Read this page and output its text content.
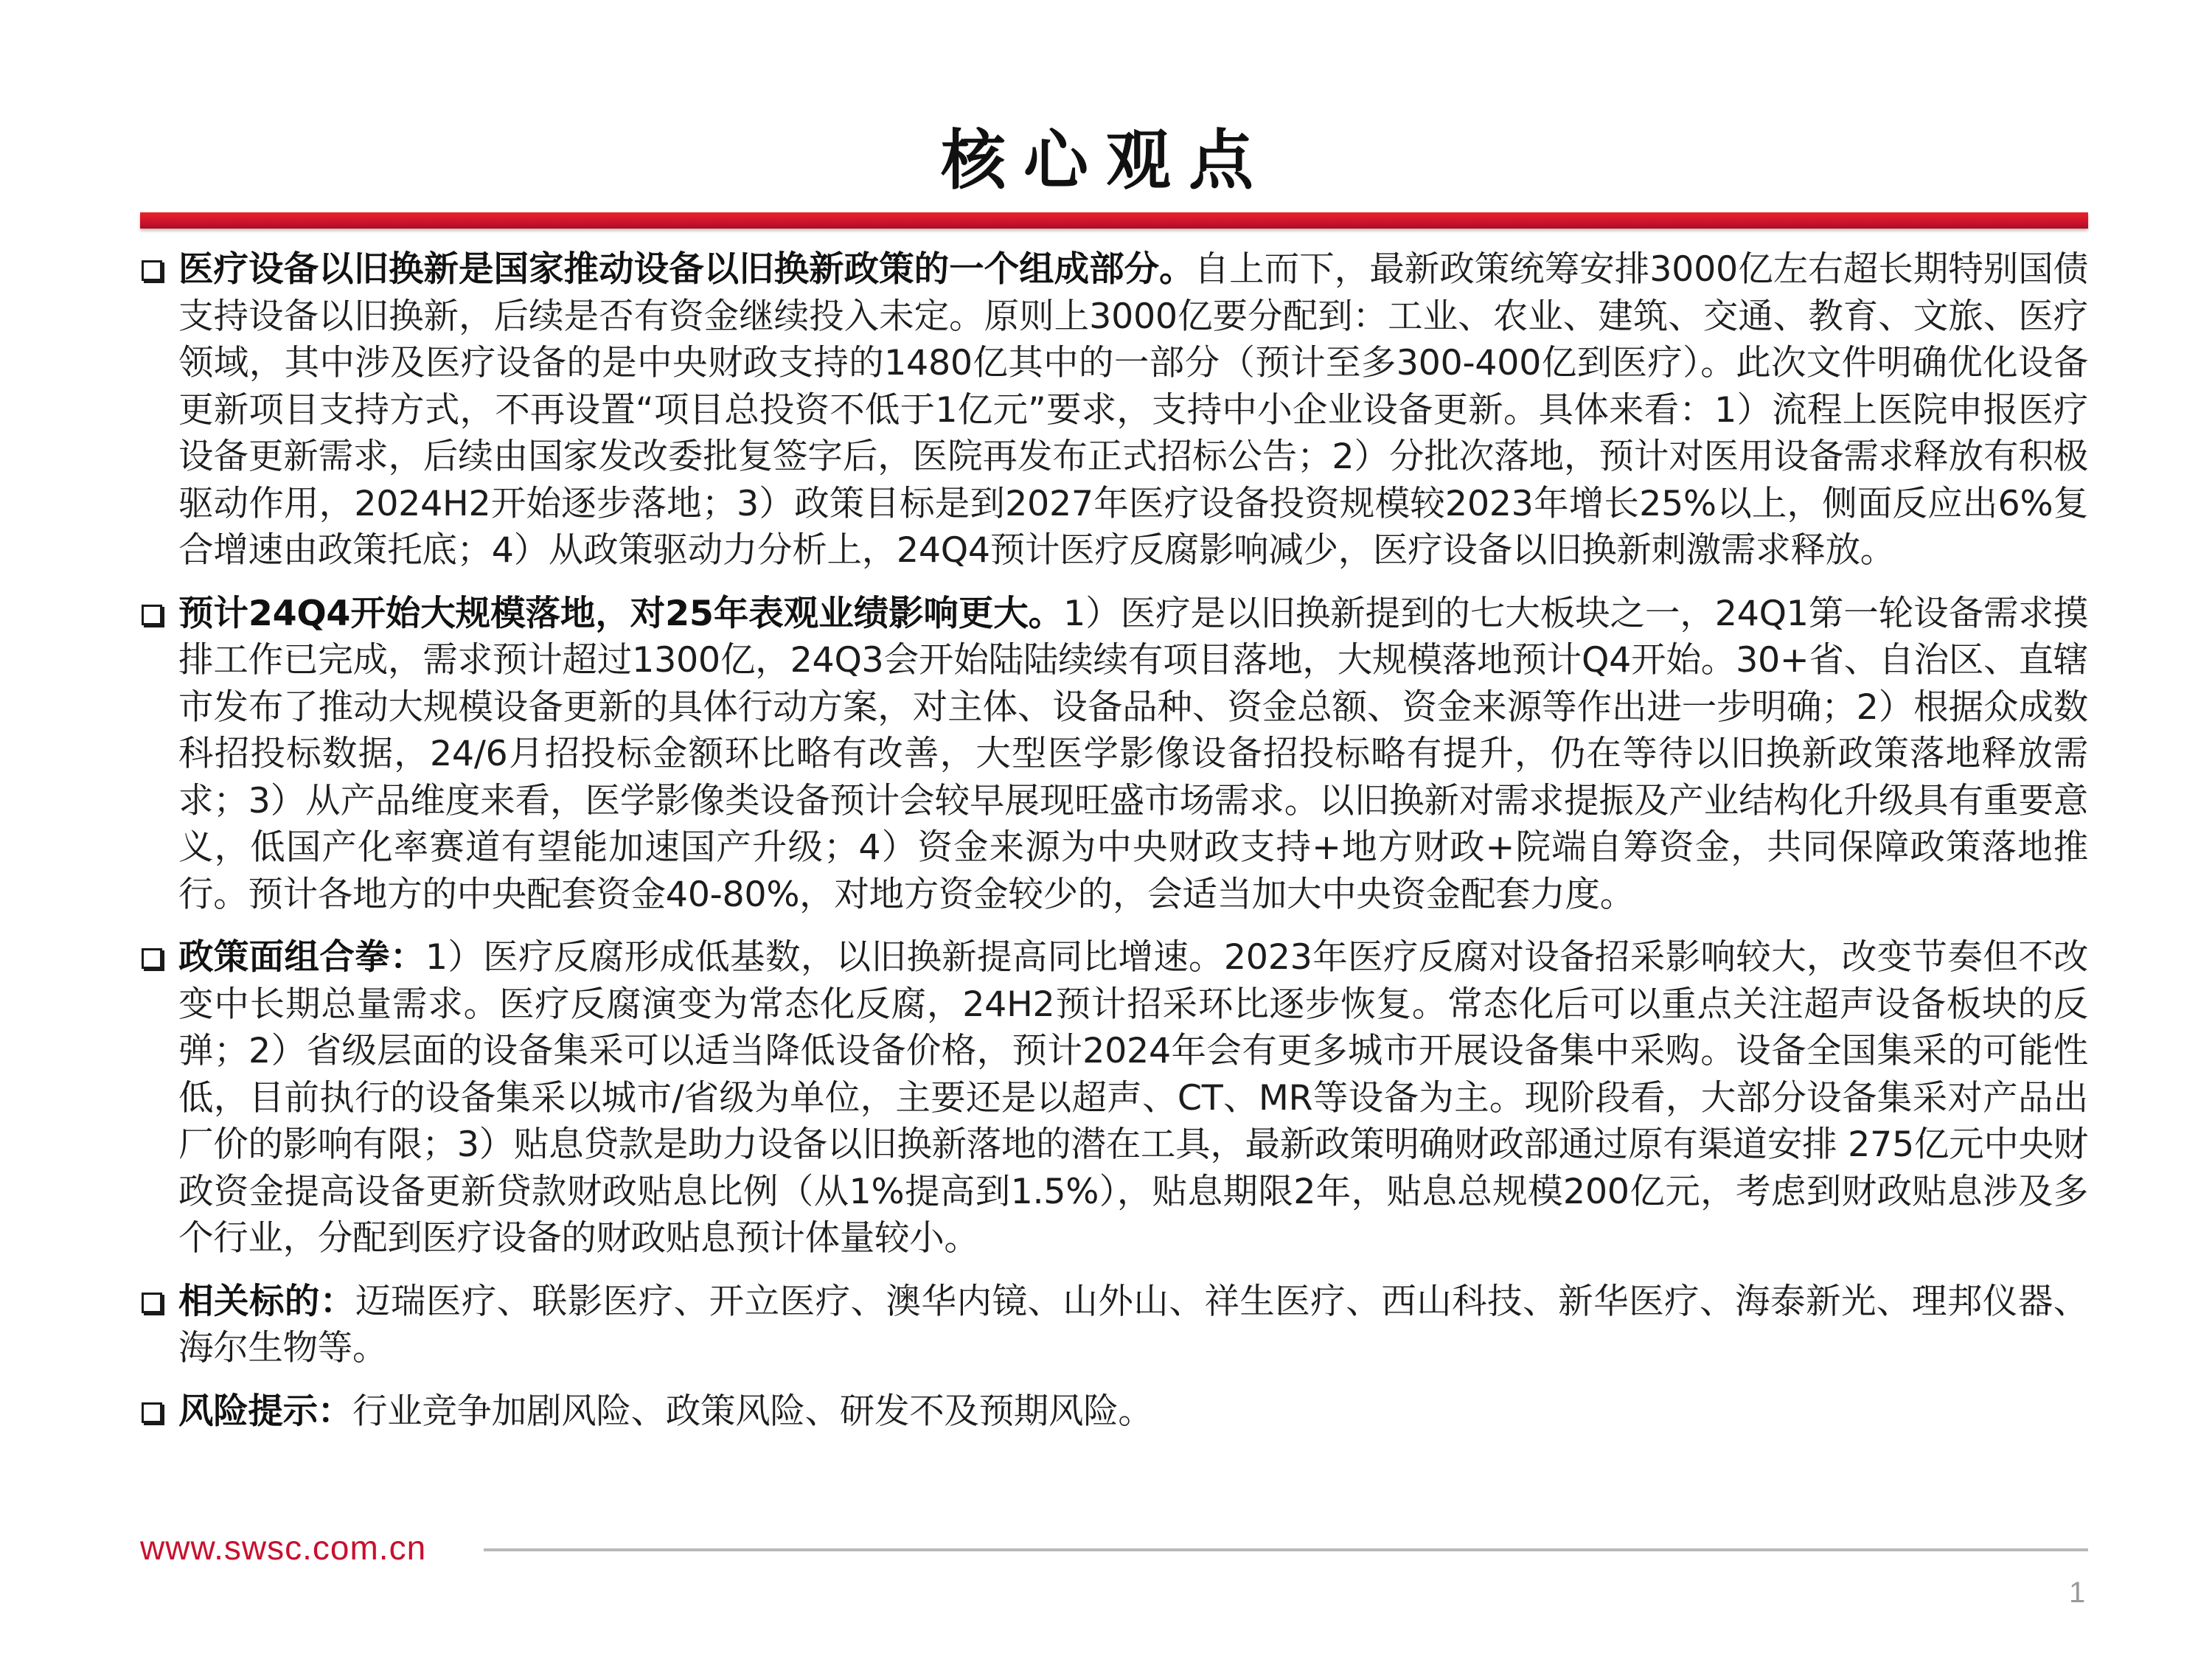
核心观点
医疗设备以旧换新是国家推动设备以旧换新政策的一个组成部分。自上而下，最新政策统筹安排3000亿左右超长期特别国债支持设备以旧换新，后续是否有资金继续投入未定。原则上3000亿要分配到：工业、农业、建筑、交通、教育、文旅、医疗领域，其中涉及医疗设备的是中央财政支持的1480亿其中的一部分（预计至多300-400亿到医疗）。此次文件明确优化设备更新项目支持方式，不再设置“项目总投资不低于1亿元”要求，支持中小企业设备更新。具体来看：1）流程上医院申报医疗设备更新需求，后续由国家发改委批复签字后，医院再发布正式招标公告；2）分批次落地，预计对医用设备需求释放有积极驱动作用，2024H2开始逐步落地；3）政策目标是到2027年医疗设备投资规模较2023年增长25%以上，侧面反应出6%复合增速由政策托底；4）从政策驱动力分析上，24Q4预计医疗反腐影响减少，医疗设备以旧换新刺激需求释放。
预计24Q4开始大规模落地，对25年表观业绩影响更大。1）医疗是以旧换新提到的七大板块之一，24Q1第一轮设备需求摸排工作已完成，需求预计超过1300亿，24Q3会开始陆陆续续有项目落地，大规模落地预计Q4开始。30+省、自治区、直辖市发布了推动大规模设备更新的具体行动方案，对主体、设备品种、资金总额、资金来源等作出进一步明确；2）根据众成数科招投标数据，24/6月招投标金额环比略有改善，大型医学影像设备招投标略有提升，仍在等待以旧换新政策落地释放需求；3）从产品维度来看，医学影像类设备预计会较早展现旺盛市场需求。以旧换新对需求提振及产业结构化升级具有重要意义，低国产化率赛道有望能加速国产升级；4）资金来源为中央财政支持+地方财政+院端自筹资金，共同保障政策落地推行。预计各地方的中央配套资金40-80%，对地方资金较少的，会适当加大中央资金配套力度。
政策面组合拳：1）医疗反腐形成低基数，以旧换新提高同比增速。2023年医疗反腐对设备招采影响较大，改变节奏但不改变中长期总量需求。医疗反腐演变为常态化反腐，24H2预计招采环比逐步恢复。常态化后可以重点关注超声设备板块的反弹；2）省级层面的设备集采可以适当降低设备价格，预计2024年会有更多城市开展设备集中采购。设备全国集采的可能性低，目前执行的设备集采以城市/省级为单位，主要还是以超声、CT、MR等设备为主。现阶段看，大部分设备集采对产品出厂价的影响有限；3）贴息贷款是助力设备以旧换新落地的潜在工具，最新政策明确财政部通过原有渠道安排 275亿元中央财政资金提高设备更新贷款财政贴息比例（从1%提高到1.5%），贴息期限2年，贴息总规模200亿元，考虑到财政贴息涉及多个行业，分配到医疗设备的财政贴息预计体量较小。
相关标的：迈瑞医疗、联影医疗、开立医疗、澳华内镜、山外山、祥生医疗、西山科技、新华医疗、海泰新光、理邦仪器、海尔生物等。
风险提示：行业竞争加剧风险、政策风险、研发不及预期风险。
www.swsc.com.cn
1
